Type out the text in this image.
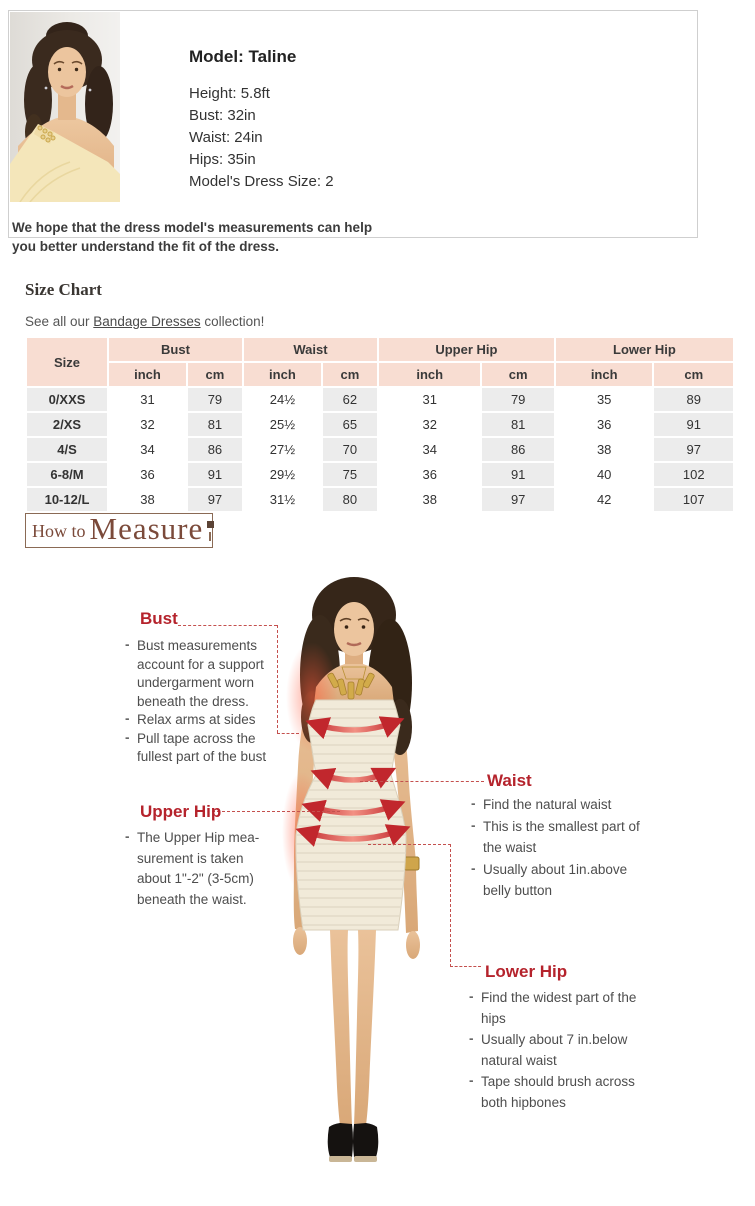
Model: Taline
Height: 5.8ft
Bust: 32in
Waist: 24in
Hips: 35in
Model's Dress Size: 2

We hope that the dress model's measurements can help you better understand the fit of the dress.

Size Chart
See all our Bandage Dresses collection!
Size	Bust		Waist		Upper Hip		Lower Hip	
	inch	cm	inch	cm	inch	cm	inch	cm
0/XXS	31	79	24½	62	31	79	35	89
2/XS	32	81	25½	65	32	81	36	91
4/S	34	86	27½	70	34	86	38	97
6-8/M	36	91	29½	75	36	91	40	102
10-12/L	38	97	31½	80	38	97	42	107
How to Measure
Bust
- Bust measurements account for a support undergarment worn beneath the dress.
- Relax arms at sides
- Pull tape across the fullest part of the bust
Upper Hip
- The Upper Hip mea-surement is taken about 1"-2" (3-5cm) beneath the waist.
Waist
- Find the natural waist
- This is the smallest part of the waist
- Usually about 1in.above belly button
Lower Hip
- Find the widest part of the hips
- Usually about 7 in.below natural waist
- Tape should brush across both hipbones
